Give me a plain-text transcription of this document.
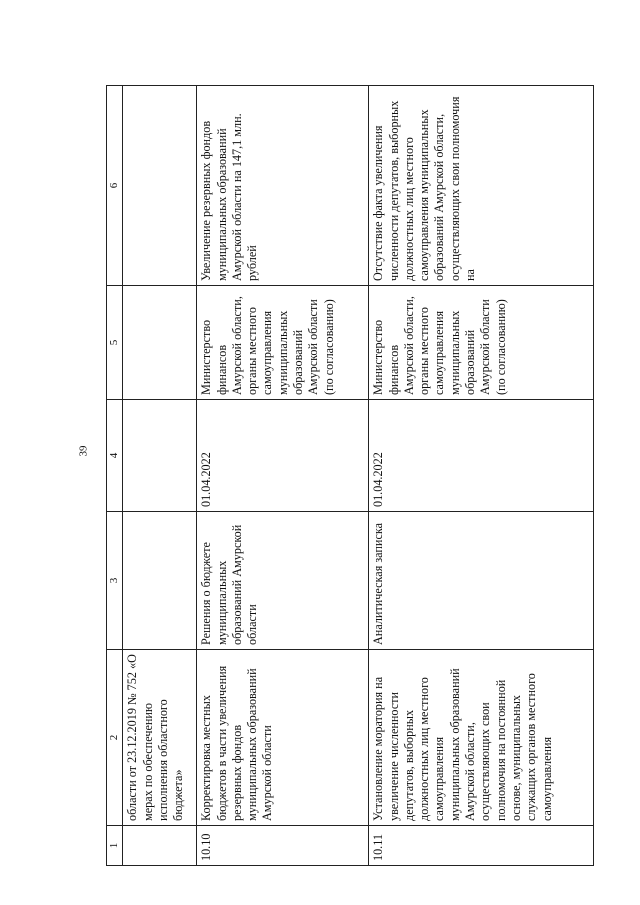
39
1	2	3	4	5	6
	области от 23.12.2019 № 752 «О мерах по обеспечению исполнения областного бюджета»				
10.10	Корректировка местных бюджетов в части увеличения резервных фондов муниципальных образований Амурской области	Решения о бюджете муниципальных образований Амурской области	01.04.2022	Министерство финансов Амурской области, органы местного самоуправления муниципальных образований Амурской области (по согласованию)	Увеличение резервных фондов муниципальных образований Амурской области на 147,1 млн. рублей
10.11	Установление моратория на увеличение численности депутатов, выборных должностных лиц местного самоуправления муниципальных образований Амурской области, осуществляющих свои полномочия на постоянной основе, муниципальных служащих органов местного самоуправления	Аналитическая записка	01.04.2022	Министерство финансов Амурской области, органы местного самоуправления муниципальных образований Амурской области (по согласованию)	Отсутствие факта увеличения численности депутатов, выборных должностных лиц местного самоуправления муниципальных образований Амурской области, осуществляющих свои полномочия на
